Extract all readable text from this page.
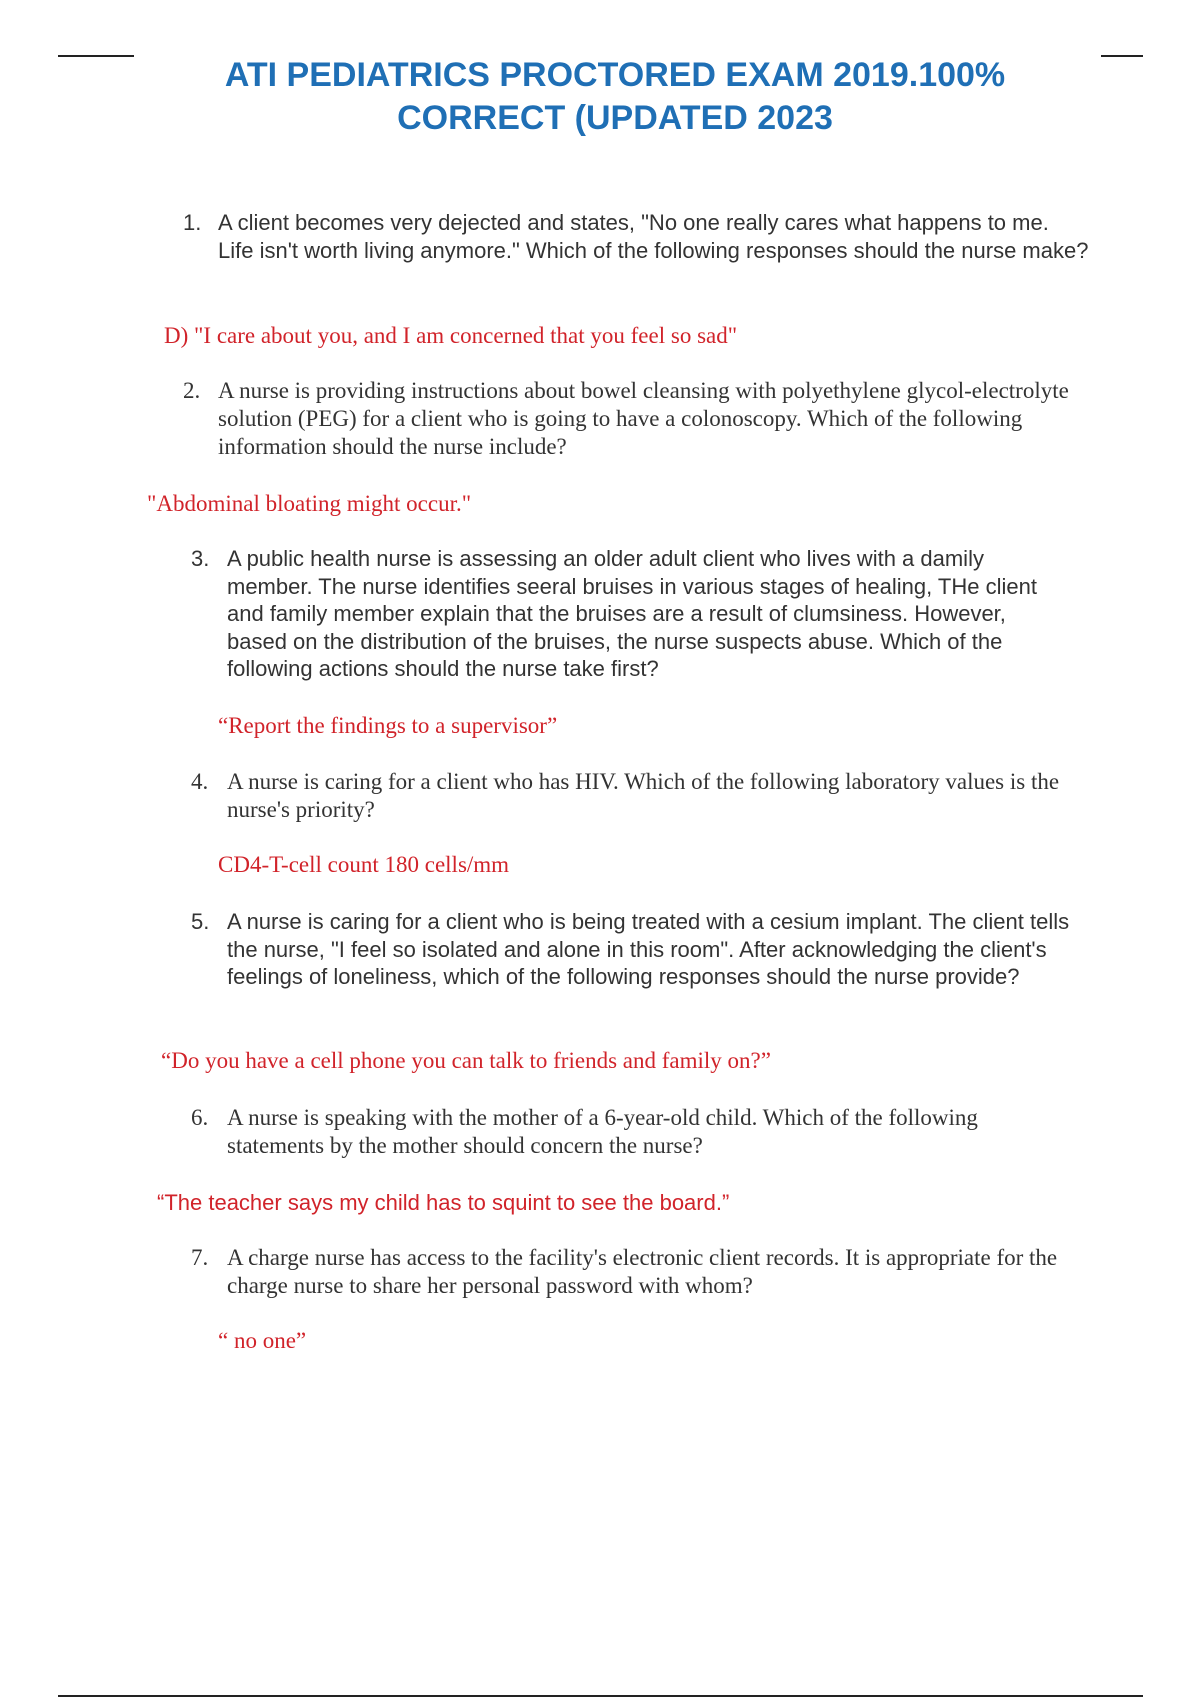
ATI PEDIATRICS PROCTORED EXAM 2019.100%
CORRECT (UPDATED 2023
1. A client becomes very dejected and states, "No one really cares what happens to me. Life isn't worth living anymore." Which of the following responses should the nurse make?
D) "I care about you, and I am concerned that you feel so sad"
2. A nurse is providing instructions about bowel cleansing with polyethylene glycol-electrolyte solution (PEG) for a client who is going to have a colonoscopy. Which of the following information should the nurse include?
"Abdominal bloating might occur."
3. A public health nurse is assessing an older adult client who lives with a damily member. The nurse identifies seeral bruises in various stages of healing, THe client and family member explain that the bruises are a result of clumsiness. However, based on the distribution of the bruises, the nurse suspects abuse. Which of the following actions should the nurse take first?
“Report the findings to a supervisor”
4. A nurse is caring for a client who has HIV. Which of the following laboratory values is the nurse's priority?
CD4-T-cell count 180 cells/mm
5. A nurse is caring for a client who is being treated with a cesium implant. The client tells the nurse, "I feel so isolated and alone in this room". After acknowledging the client's feelings of loneliness, which of the following responses should the nurse provide?
“Do you have a cell phone you can talk to friends and family on?”
6. A nurse is speaking with the mother of a 6-year-old child. Which of the following statements by the mother should concern the nurse?
“The teacher says my child has to squint to see the board.”
7. A charge nurse has access to the facility's electronic client records. It is appropriate for the charge nurse to share her personal password with whom?
“ no one”
